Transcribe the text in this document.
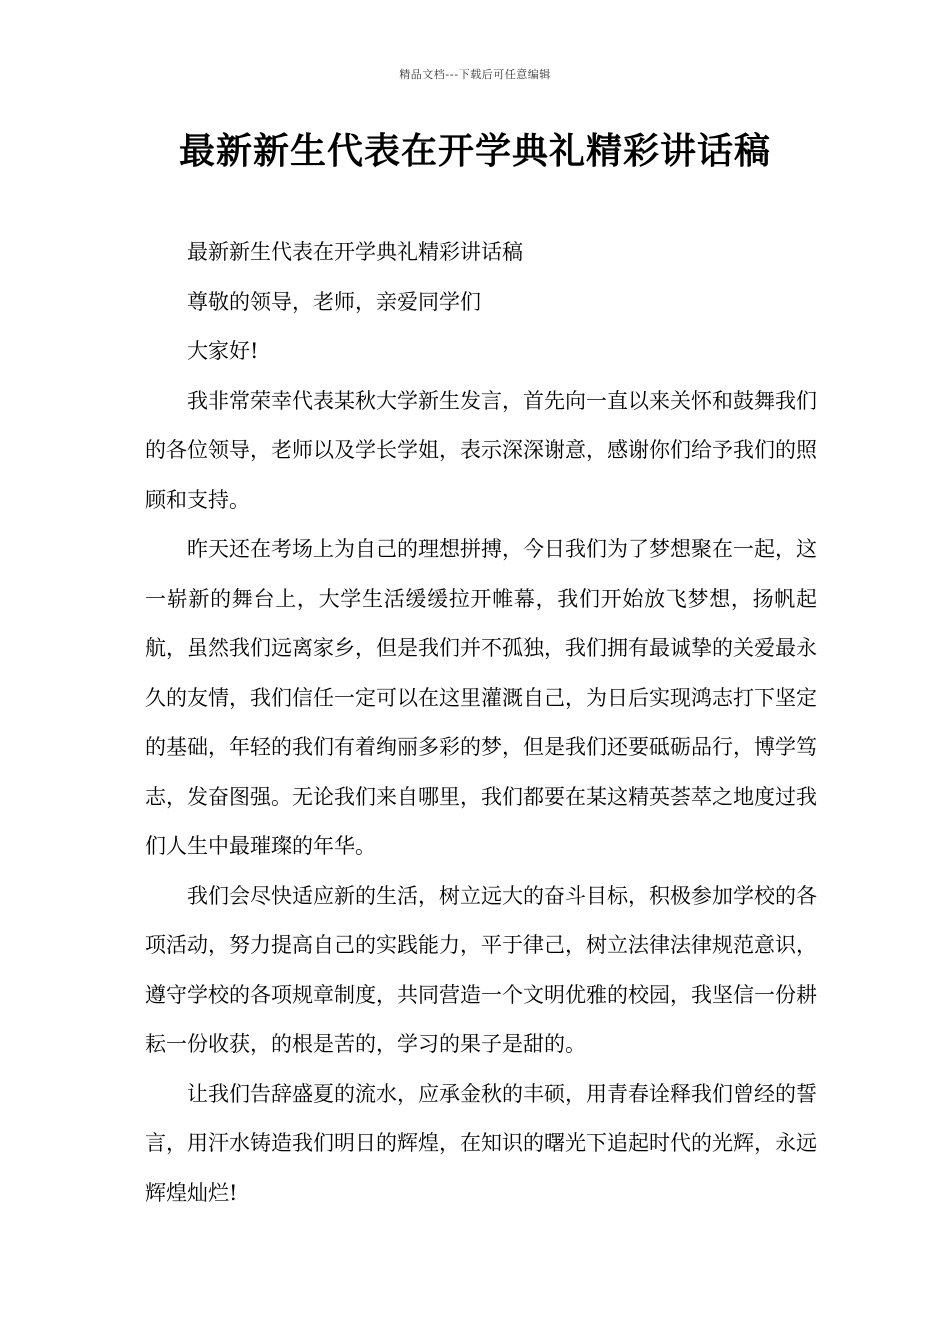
精品文档---下载后可任意编辑
最新新生代表在开学典礼精彩讲话稿

最新新生代表在开学典礼精彩讲话稿

尊敬的领导，老师，亲爱同学们

大家好!

我非常荣幸代表某秋大学新生发言，首先向一直以来关怀和鼓舞我们的各位领导，老师以及学长学姐，表示深深谢意，感谢你们给予我们的照顾和支持。

昨天还在考场上为自己的理想拼搏，今日我们为了梦想聚在一起，这一崭新的舞台上，大学生活缓缓拉开帷幕，我们开始放飞梦想，扬帆起航，虽然我们远离家乡，但是我们并不孤独，我们拥有最诚挚的关爱最永久的友情，我们信任一定可以在这里灌溉自己，为日后实现鸿志打下坚定的基础，年轻的我们有着绚丽多彩的梦，但是我们还要砥砺品行，博学笃志，发奋图强。无论我们来自哪里，我们都要在某这精英荟萃之地度过我们人生中最璀璨的年华。

我们会尽快适应新的生活，树立远大的奋斗目标，积极参加学校的各项活动，努力提高自己的实践能力，平于律己，树立法律法律规范意识，遵守学校的各项规章制度，共同营造一个文明优雅的校园，我坚信一份耕耘一份收获，的根是苦的，学习的果子是甜的。

让我们告辞盛夏的流水，应承金秋的丰硕，用青春诠释我们曾经的誓言，用汗水铸造我们明日的辉煌，在知识的曙光下追起时代的光辉，永远辉煌灿烂!
